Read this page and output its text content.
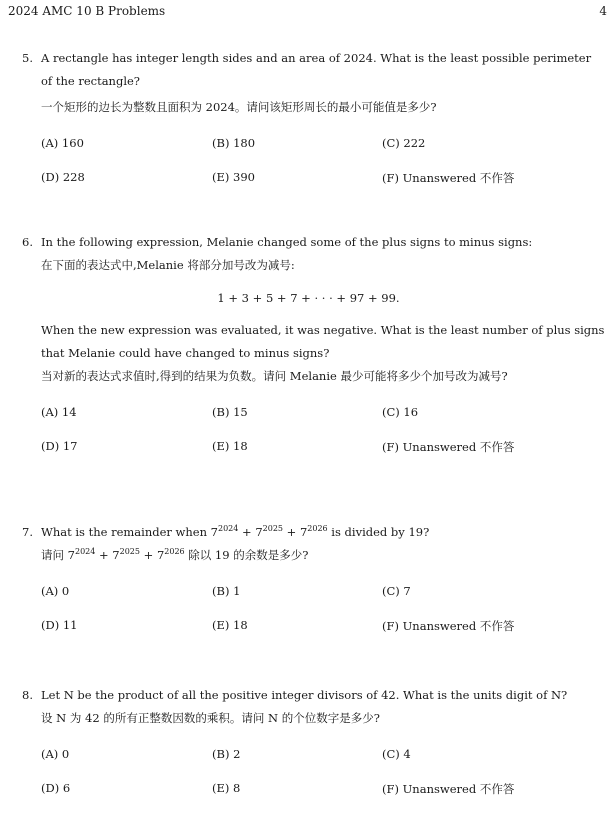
2024 AMC 10 B Problems	4
5. A rectangle has integer length sides and an area of 2024. What is the least possible perimeter
of the rectangle?
一个矩形的边长为整数且面积为 2024。请问该矩形周长的最小可能值是多少?
(A) 160	(B) 180	(C) 222
(D) 228	(E) 390	(F) Unanswered 不作答
6. In the following expression, Melanie changed some of the plus signs to minus signs:
在下面的表达式中,Melanie 将部分加号改为减号:
1 + 3 + 5 + 7 + · · · + 97 + 99.
When the new expression was evaluated, it was negative. What is the least number of plus signs
that Melanie could have changed to minus signs?
当对新的表达式求值时,得到的结果为负数。请问 Melanie 最少可能将多少个加号改为减号?
(A) 14	(B) 15	(C) 16
(D) 17	(E) 18	(F) Unanswered 不作答
7. What is the remainder when $7^{2024} + 7^{2025} + 7^{2026}$ is divided by 19?
请问 $7^{2024} + 7^{2025} + 7^{2026}$ 除以 19 的余数是多少?
(A) 0	(B) 1	(C) 7
(D) 11	(E) 18	(F) Unanswered 不作答
8. Let N be the product of all the positive integer divisors of 42. What is the units digit of N?
设 N 为 42 的所有正整数因数的乘积。请问 N 的个位数字是多少?
(A) 0	(B) 2	(C) 4
(D) 6	(E) 8	(F) Unanswered 不作答
